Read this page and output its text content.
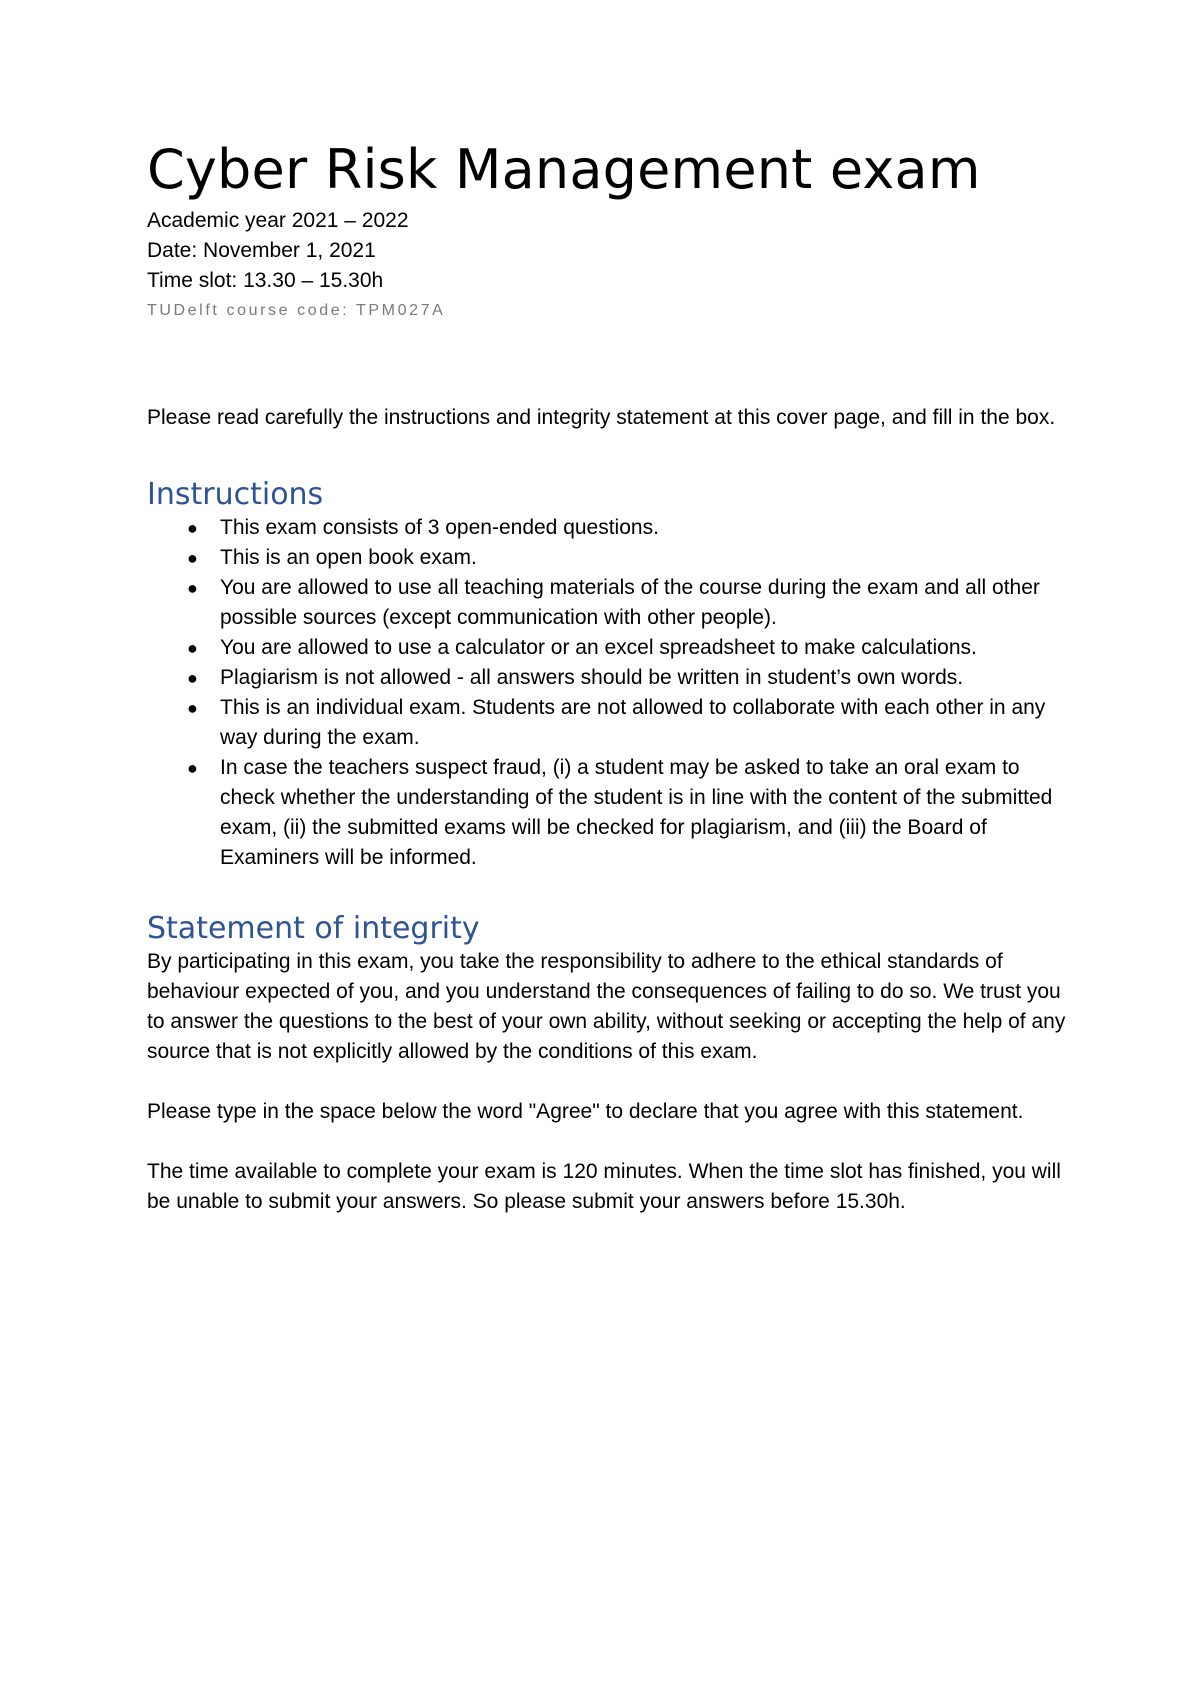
Cyber Risk Management exam

Academic year 2021 – 2022

Date: November 1, 2021

Time slot: 13.30 – 15.30h

TUDelft course code: TPM027A

Please read carefully the instructions and integrity statement at this cover page, and fill in the box.

Instructions
● This exam consists of 3 open-ended questions.
● This is an open book exam.
● You are allowed to use all teaching materials of the course during the exam and all other possible sources (except communication with other people).
● You are allowed to use a calculator or an excel spreadsheet to make calculations.
● Plagiarism is not allowed - all answers should be written in student’s own words.
● This is an individual exam. Students are not allowed to collaborate with each other in any way during the exam.
● In case the teachers suspect fraud, (i) a student may be asked to take an oral exam to check whether the understanding of the student is in line with the content of the submitted exam, (ii) the submitted exams will be checked for plagiarism, and (iii) the Board of Examiners will be informed.
Statement of integrity

By participating in this exam, you take the responsibility to adhere to the ethical standards of behaviour expected of you, and you understand the consequences of failing to do so. We trust you to answer the questions to the best of your own ability, without seeking or accepting the help of any source that is not explicitly allowed by the conditions of this exam.

Please type in the space below the word "Agree" to declare that you agree with this statement.

The time available to complete your exam is 120 minutes. When the time slot has finished, you will be unable to submit your answers. So please submit your answers before 15.30h.
